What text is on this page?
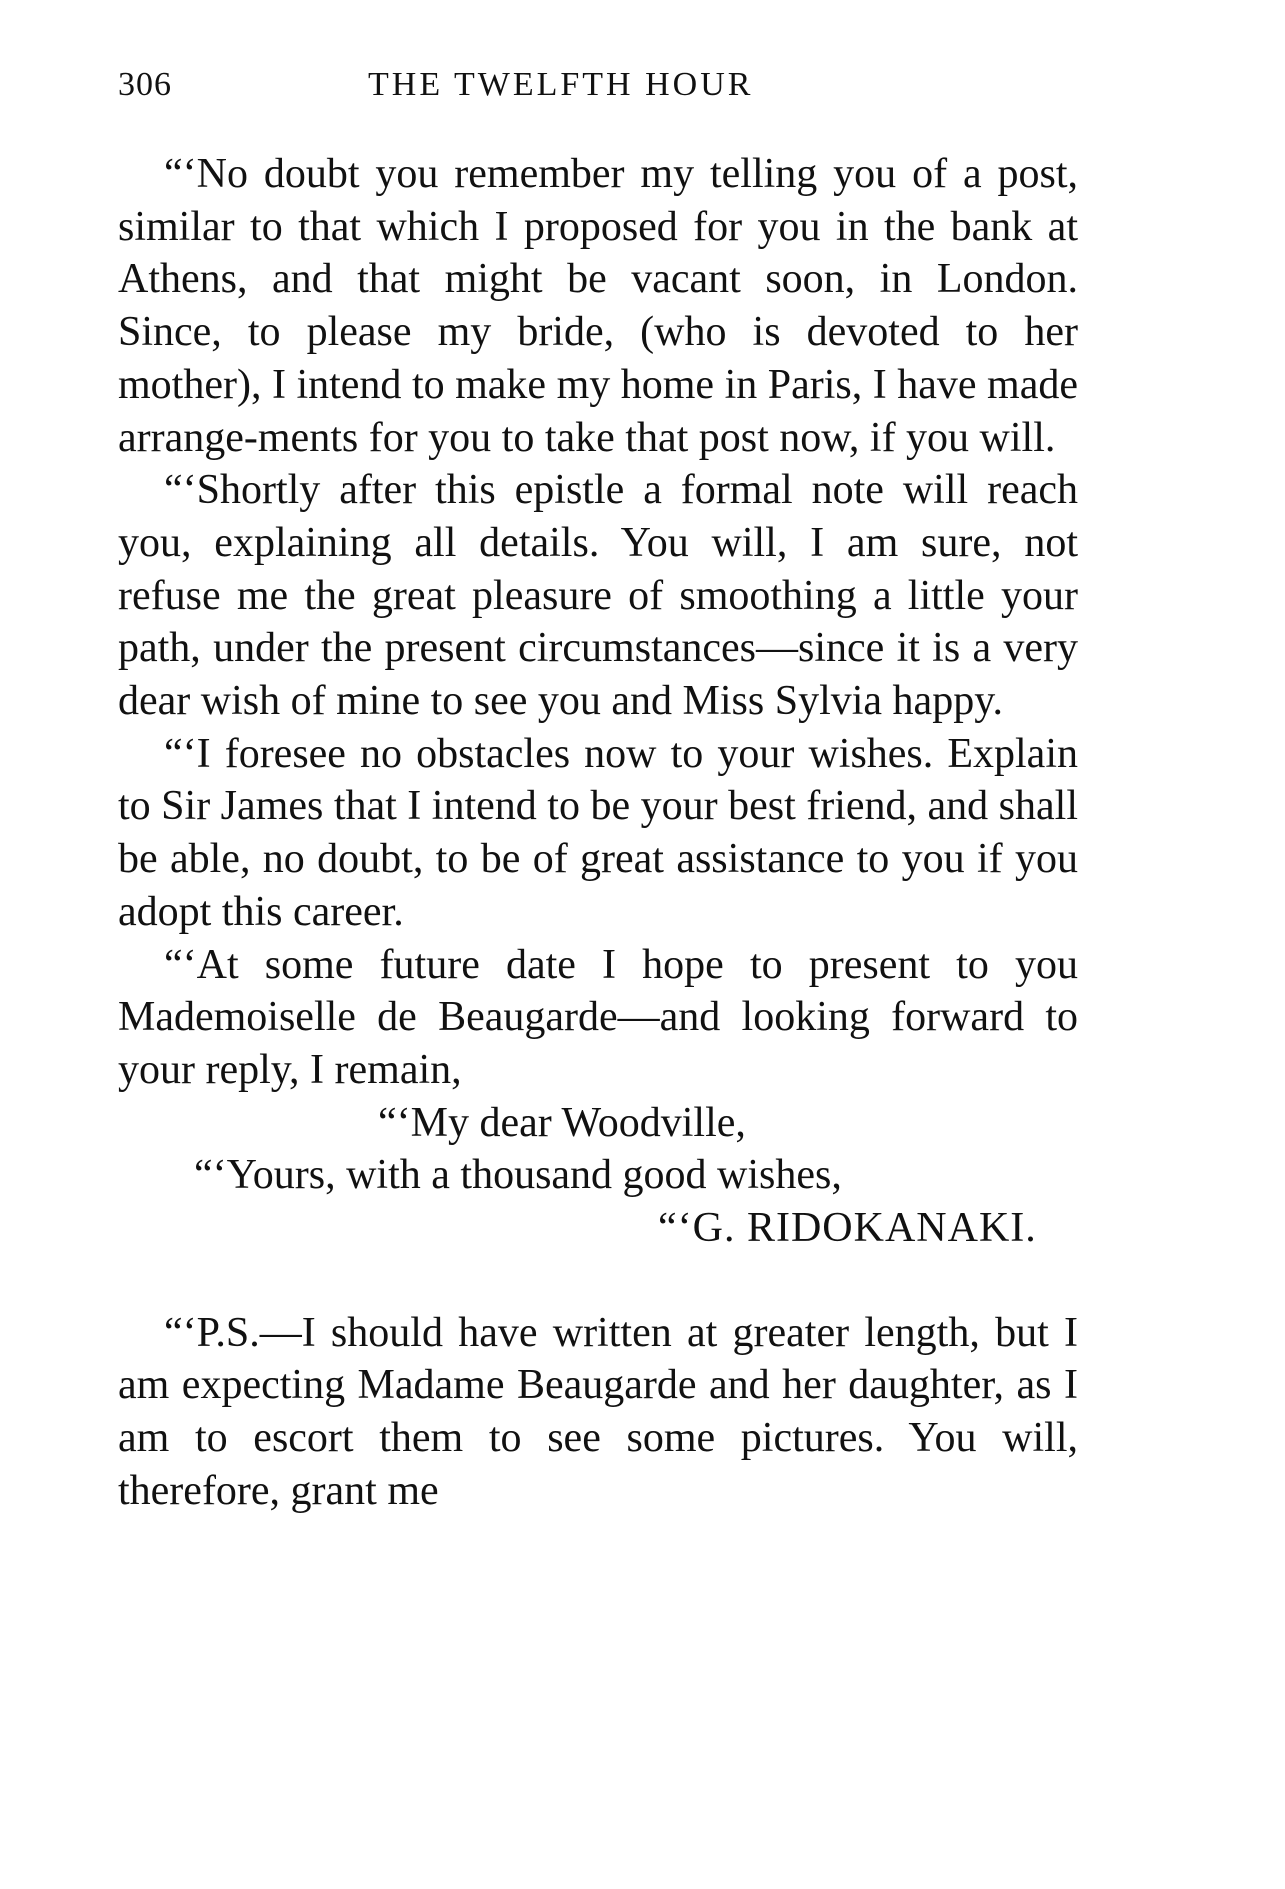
306	THE TWELFTH HOUR

“‘No doubt you remember my telling you of a post, similar to that which I proposed for you in the bank at Athens, and that might be vacant soon, in London. Since, to please my bride, (who is devoted to her mother), I intend to make my home in Paris, I have made arrange-ments for you to take that post now, if you will.

“‘Shortly after this epistle a formal note will reach you, explaining all details. You will, I am sure, not refuse me the great pleasure of smoothing a little your path, under the present circumstances—since it is a very dear wish of mine to see you and Miss Sylvia happy.

“‘I foresee no obstacles now to your wishes. Explain to Sir James that I intend to be your best friend, and shall be able, no doubt, to be of great assistance to you if you adopt this career.

“‘At some future date I hope to present to you Mademoiselle de Beaugarde—and looking forward to your reply, I remain,

“‘My dear Woodville,
“‘Yours, with a thousand good wishes,
“‘G. RIDOKANAKI.

“‘P.S.—I should have written at greater length, but I am expecting Madame Beaugarde and her daughter, as I am to escort them to see some pictures. You will, therefore, grant me
